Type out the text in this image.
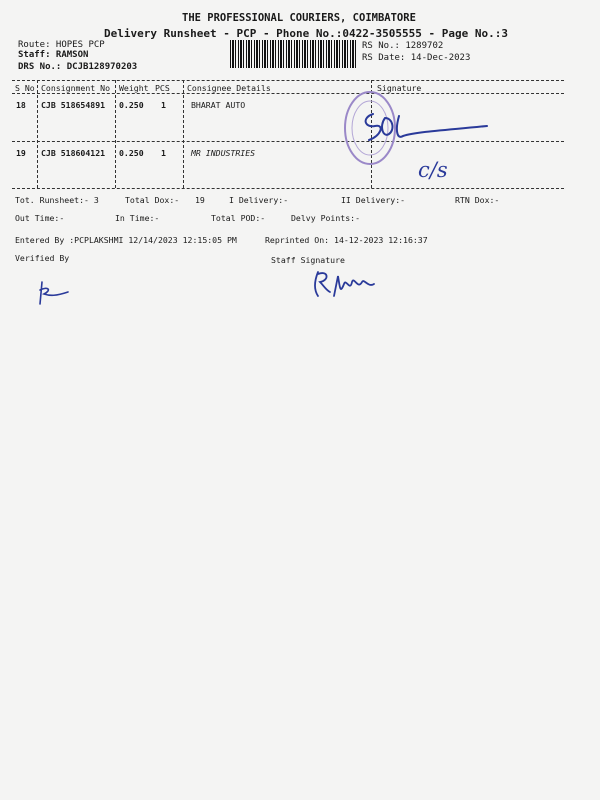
THE PROFESSIONAL COURIERS, COIMBATORE
Delivery Runsheet - PCP - Phone No.:0422-3505555 - Page No.:3
Route: HOPES PCP
Staff: RAMSON
DRS No.: DCJB128970203
RS No.: 1289702
RS Date: 14-Dec-2023
S No Consignment No Weight PCS Consignee Details	Signature
18 CJB 518654891 0.250 1	BHARAT AUTO
19 CJB 518604121 0.250 1	MR INDUSTRIES
c/s
Tot. Runsheet:- 3	Total Dox:- 19	I Delivery:-	II Delivery:-	RTN Dox:-
Out Time:-	In Time:-	Total POD:-	Delvy Points:-
Entered By :PCPLAKSHMI 12/14/2023 12:15:05 PM	Reprinted On: 14-12-2023 12:16:37
Verified By	Staff Signature
